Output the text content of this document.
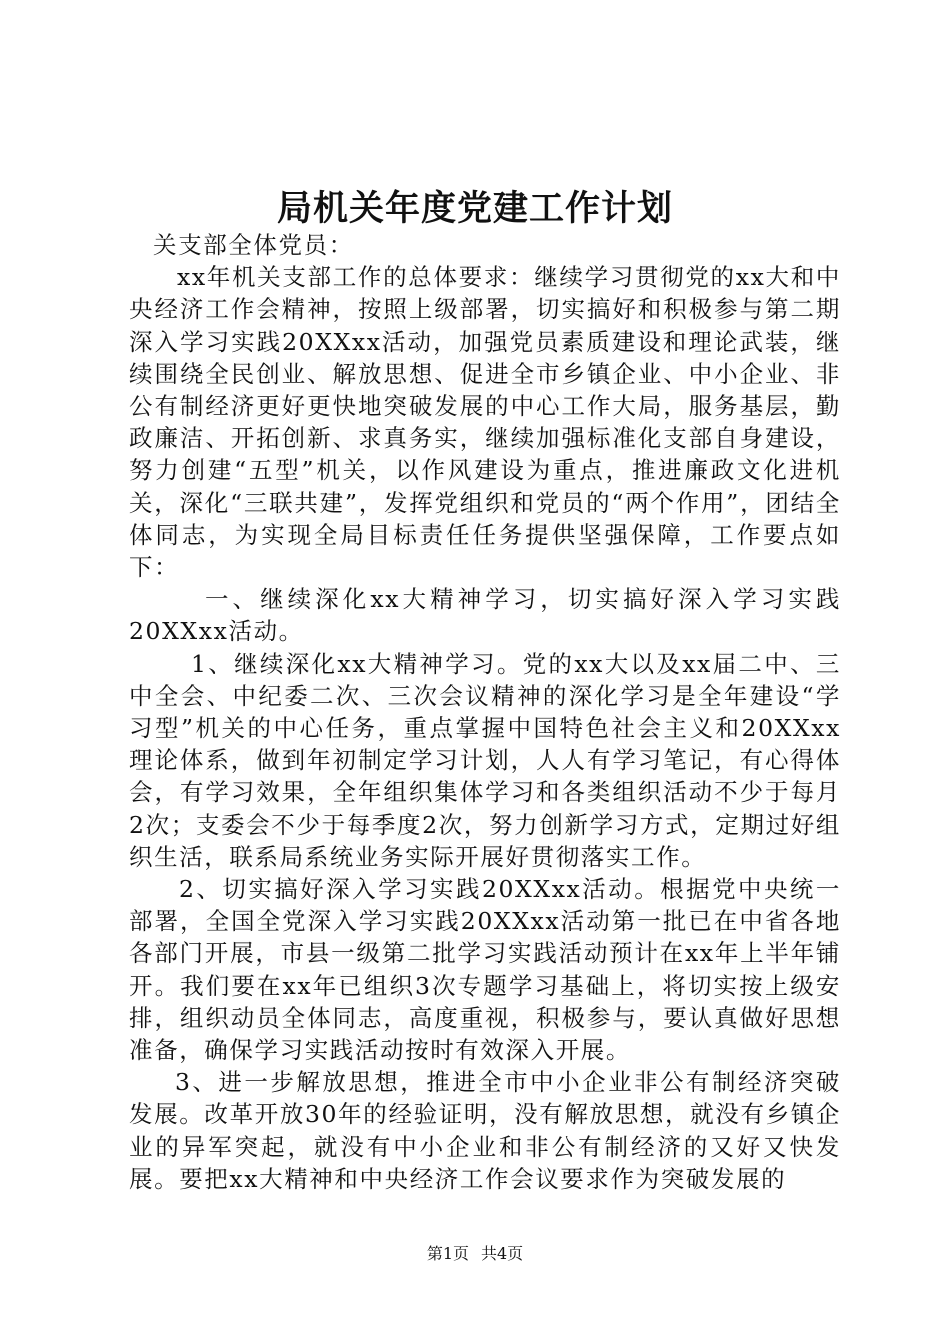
局机关年度党建工作计划

关支部全体党员：

xx年机关支部工作的总体要求：继续学习贯彻党的xx大和中央经济工作会精神，按照上级部署，切实搞好和积极参与第二期深入学习实践20XXxx活动，加强党员素质建设和理论武装，继续围绕全民创业、解放思想、促进全市乡镇企业、中小企业、非公有制经济更好更快地突破发展的中心工作大局，服务基层，勤政廉洁、开拓创新、求真务实，继续加强标准化支部自身建设，努力创建“五型”机关，以作风建设为重点，推进廉政文化进机关，深化“三联共建”，发挥党组织和党员的“两个作用”，团结全体同志，为实现全局目标责任任务提供坚强保障，工作要点如下：

一、继续深化xx大精神学习，切实搞好深入学习实践20XXxx活动。

1、继续深化xx大精神学习。党的xx大以及xx届二中、三中全会、中纪委二次、三次会议精神的深化学习是全年建设“学习型”机关的中心任务，重点掌握中国特色社会主义和20XXxx理论体系，做到年初制定学习计划，人人有学习笔记，有心得体会，有学习效果，全年组织集体学习和各类组织活动不少于每月2次；支委会不少于每季度2次，努力创新学习方式，定期过好组织生活，联系局系统业务实际开展好贯彻落实工作。

2、切实搞好深入学习实践20XXxx活动。根据党中央统一部署，全国全党深入学习实践20XXxx活动第一批已在中省各地各部门开展，市县一级第二批学习实践活动预计在xx年上半年铺开。我们要在xx年已组织3次专题学习基础上，将切实按上级安排，组织动员全体同志，高度重视，积极参与，要认真做好思想准备，确保学习实践活动按时有效深入开展。

3、进一步解放思想，推进全市中小企业非公有制经济突破发展。改革开放30年的经验证明，没有解放思想，就没有乡镇企业的异军突起，就没有中小企业和非公有制经济的又好又快发展。要把xx大精神和中央经济工作会议要求作为突破发展的

第1页 共4页
